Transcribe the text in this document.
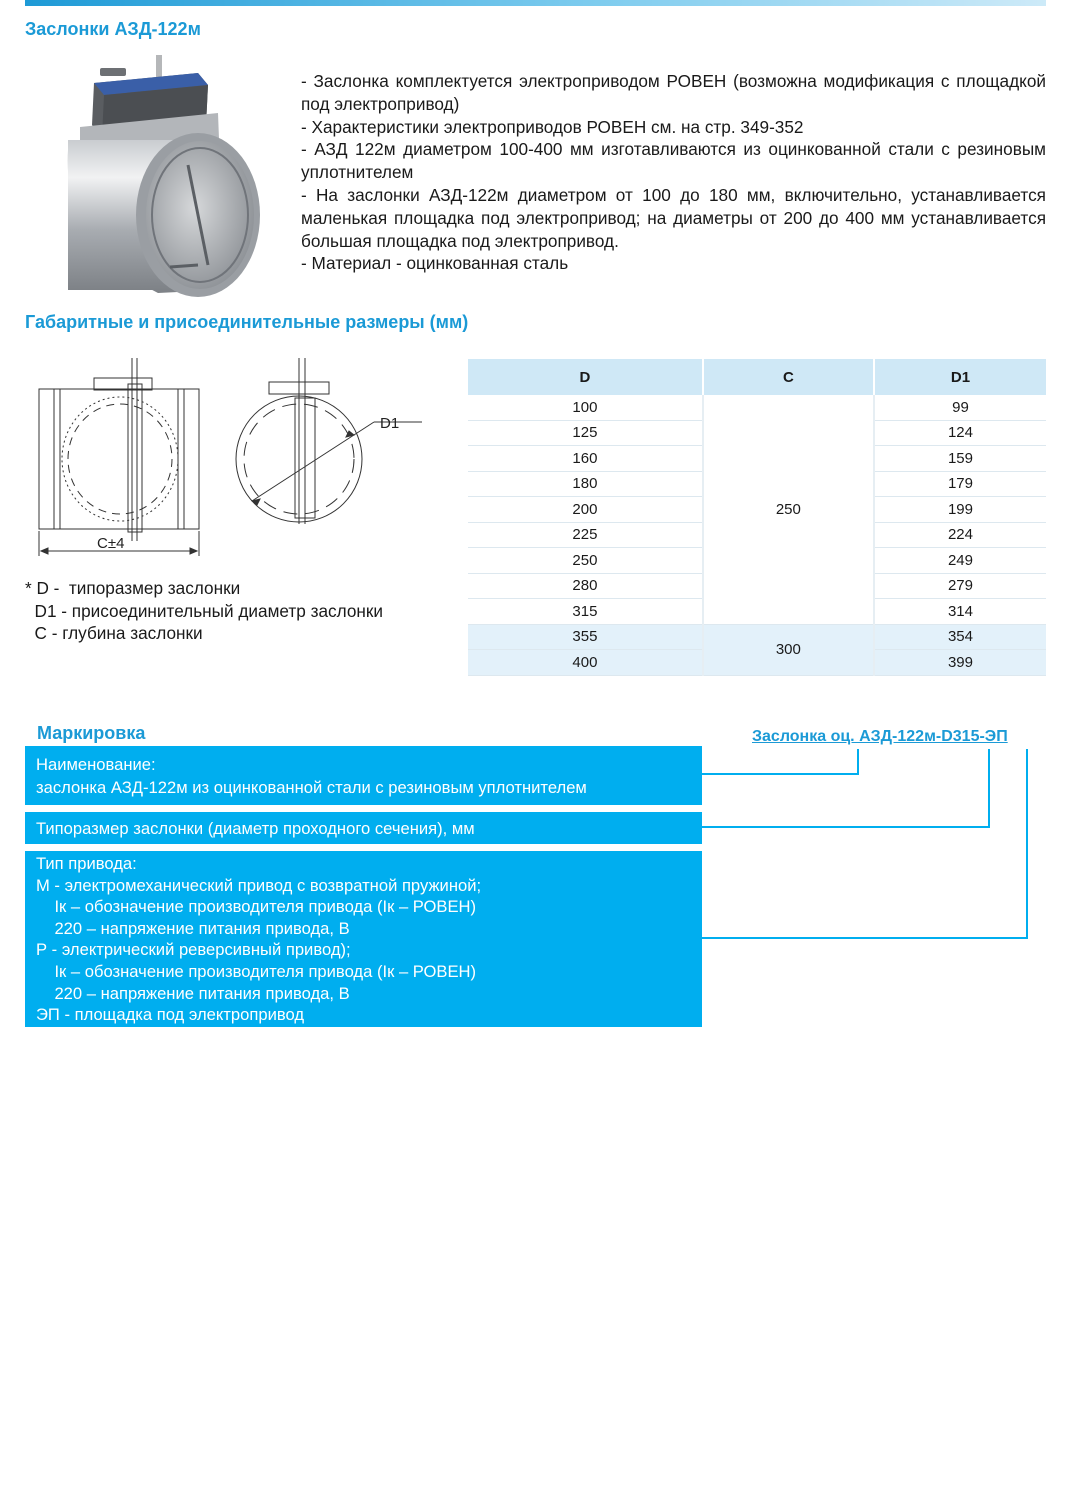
Заслонки АЗД-122м

- Заслонка комплектуется электроприводом РОВЕН (возможна модификация с площадкой под электропривод)

- Характеристики электроприводов РОВЕН см. на стр. 349-352

- АЗД 122м диаметром 100-400 мм изготавливаются из оцинкованной стали с резиновым уплотнителем

- На заслонки АЗД-122м диаметром от 100 до 180 мм, включительно, устанавливается маленькая площадка под электропривод; на диаметры от 200 до 400 мм устанавливается большая площадка под электропривод.

- Материал - оцинкованная сталь

Габаритные и присоединительные размеры (мм)
C±4
D1
* D -  типоразмер заслонки
D1 - присоединительный диаметр заслонки
С - глубина заслонки
D	C	D1
100	250	99
125		124
160		159
180		179
200		199
225		224
250		249
280		279
315		314
355	300	354
400		399
Маркировка	Заслонка оц. АЗД-122м-D315-ЭП
Наименование:
заслонка АЗД-122м из оцинкованной стали с резиновым уплотнителем
Типоразмер заслонки (диаметр проходного сечения), мм
Тип привода:
М - электромеханический привод с возвратной пружиной;
Iк – обозначение производителя привода (Iк – РОВЕН)
220 – напряжение питания привода, В
Р - электрический реверсивный привод);
Iк – обозначение производителя привода (Iк – РОВЕН)
220 – напряжение питания привода, В
ЭП - площадка под электропривод
